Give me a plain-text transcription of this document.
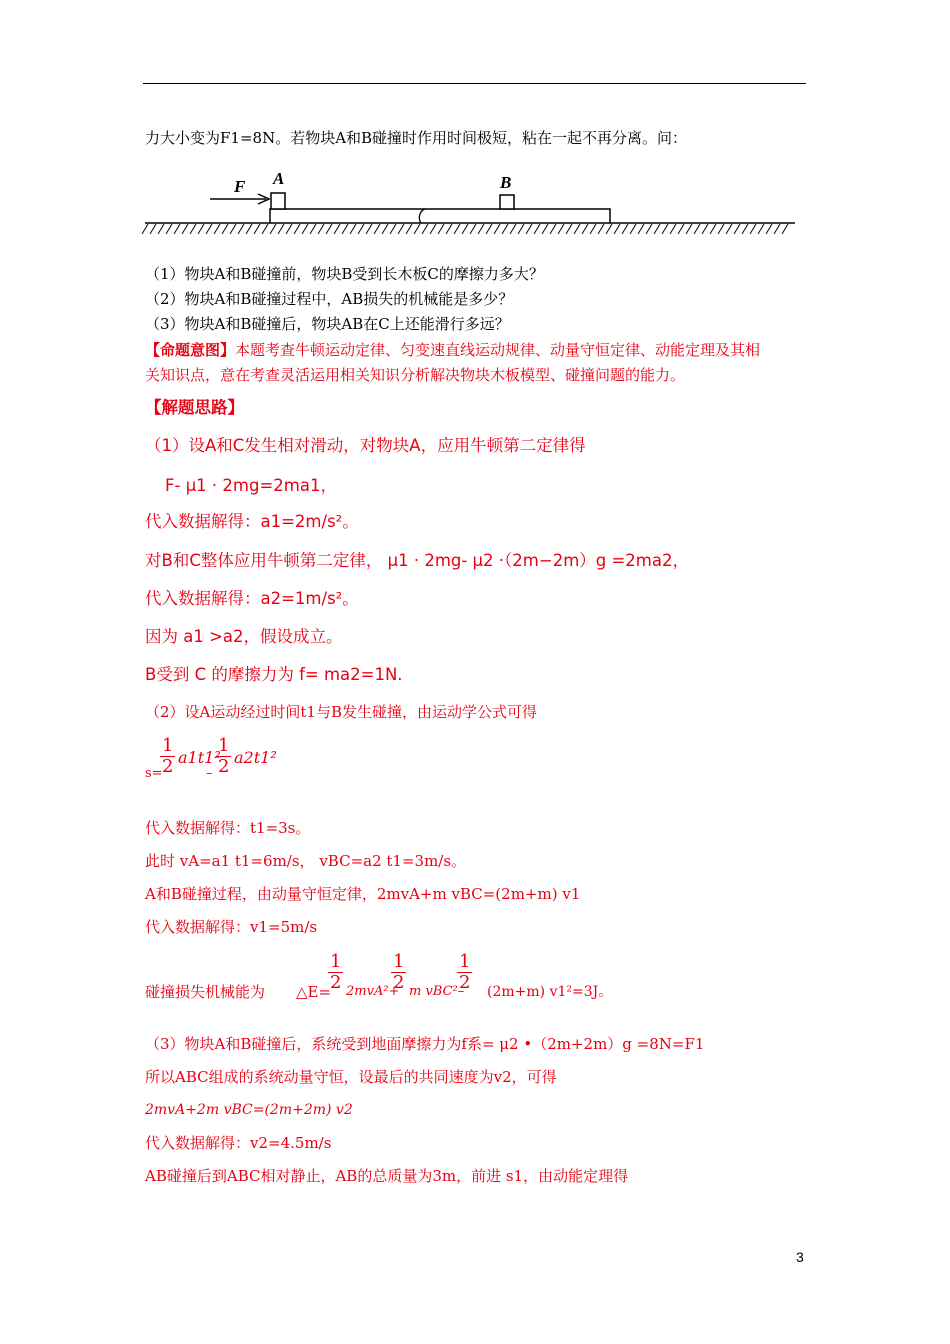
力大小变为F1=8N。若物块A和B碰撞时作用时间极短，粘在一起不再分离。问：
F A	B
（1）物块A和B碰撞前，物块B受到长木板C的摩擦力多大？
（2）物块A和B碰撞过程中，AB损失的机械能是多少？
（3）物块A和B碰撞后，物块AB在C上还能滑行多远？
【命题意图】本题考查牛顿运动定律、匀变速直线运动规律、动量守恒定律、动能定理及其相
关知识点，意在考查灵活运用相关知识分析解决物块木板模型、碰撞问题的能力。
【解题思路】
（1）设A和C发生相对滑动，对物块A，应用牛顿第二定律得
F- μ1 · 2mg=2ma1，
代入数据解得：a1=2m/s²。
对B和C整体应用牛顿第二定律， μ1 · 2mg- μ2 ·（2m−2m）g =2ma2，
代入数据解得：a2=1m/s²。
因为 a1 >a2，假设成立。
B受到 C 的摩擦力为 f= ma2=1N.
（2）设A运动经过时间t1与B发生碰撞，由运动学公式可得
s=
$\frac{1}{2} a1t1^2$
– $\frac{1}{2} a2t1^2$
代入数据解得：t1=3s。
此时 vA=a1 t1=6m/s， vBC=a2 t1=3m/s。
A和B碰撞过程，由动量守恒定律，2mvA+m vBC=(2m+m) v1
代入数据解得：v1=5m/s
碰撞损失机械能为 △E=
$\frac{1}{2} 2mvA^2+$
$\frac{1}{2}$ m vBC²–
$\frac{1}{2} (2m+m)$ v1²=3J。
（3）物块A和B碰撞后，系统受到地面摩擦力为f系= μ2 •（2m+2m）g =8N=F1
所以ABC组成的系统动量守恒，设最后的共同速度为v2，可得
2mvA+2m vBC=(2m+2m) v2
代入数据解得：v2=4.5m/s
AB碰撞后到ABC相对静止，AB的总质量为3m，前进 s1，由动能定理得
3
